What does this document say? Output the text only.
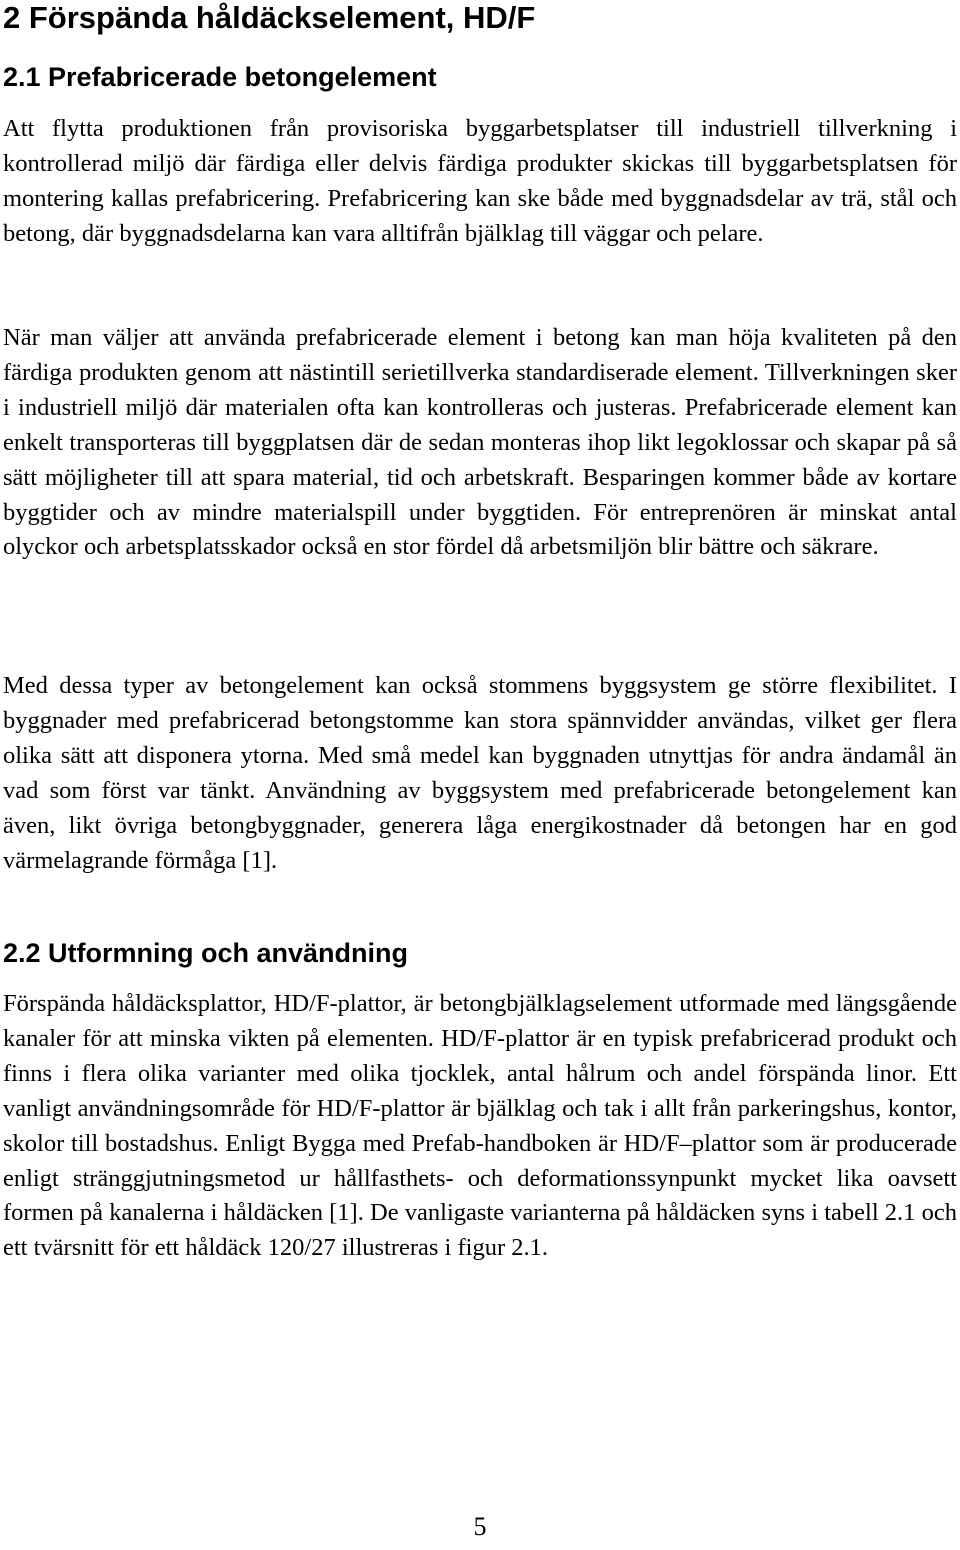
2 Förspända håldäckselement, HD/F
2.1 Prefabricerade betongelement

Att flytta produktionen från provisoriska byggarbetsplatser till industriell tillverkning i kontrollerad miljö där färdiga eller delvis färdiga produkter skickas till byggarbetsplatsen för montering kallas prefabricering. Prefabricering kan ske både med byggnadsdelar av trä, stål och betong, där byggnadsdelarna kan vara alltifrån bjälklag till väggar och pelare.

När man väljer att använda prefabricerade element i betong kan man höja kvaliteten på den färdiga produkten genom att nästintill serietillverka standardiserade element. Tillverkningen sker i industriell miljö där materialen ofta kan kontrolleras och justeras. Prefabricerade element kan enkelt transporteras till byggplatsen där de sedan monteras ihop likt legoklossar och skapar på så sätt möjligheter till att spara material, tid och arbetskraft. Besparingen kommer både av kortare byggtider och av mindre materialspill under byggtiden. För entreprenören är minskat antal olyckor och arbetsplatsskador också en stor fördel då arbetsmiljön blir bättre och säkrare.

Med dessa typer av betongelement kan också stommens byggsystem ge större flexibilitet. I byggnader med prefabricerad betongstomme kan stora spännvidder användas, vilket ger flera olika sätt att disponera ytorna. Med små medel kan byggnaden utnyttjas för andra ändamål än vad som först var tänkt. Användning av byggsystem med prefabricerade betongelement kan även, likt övriga betongbyggnader, generera låga energikostnader då betongen har en god värmelagrande förmåga [1].

2.2 Utformning och användning

Förspända håldäcksplattor, HD/F-plattor, är betongbjälklagselement utformade med längsgående kanaler för att minska vikten på elementen. HD/F-plattor är en typisk prefabricerad produkt och finns i flera olika varianter med olika tjocklek, antal hålrum och andel förspända linor. Ett vanligt användningsområde för HD/F-plattor är bjälklag och tak i allt från parkeringshus, kontor, skolor till bostadshus. Enligt Bygga med Prefab-handboken är HD/F–plattor som är producerade enligt stränggjutningsmetod ur hållfasthets- och deformationssynpunkt mycket lika oavsett formen på kanalerna i håldäcken [1]. De vanligaste varianterna på håldäcken syns i tabell 2.1 och ett tvärsnitt för ett håldäck 120/27 illustreras i figur 2.1.

5
